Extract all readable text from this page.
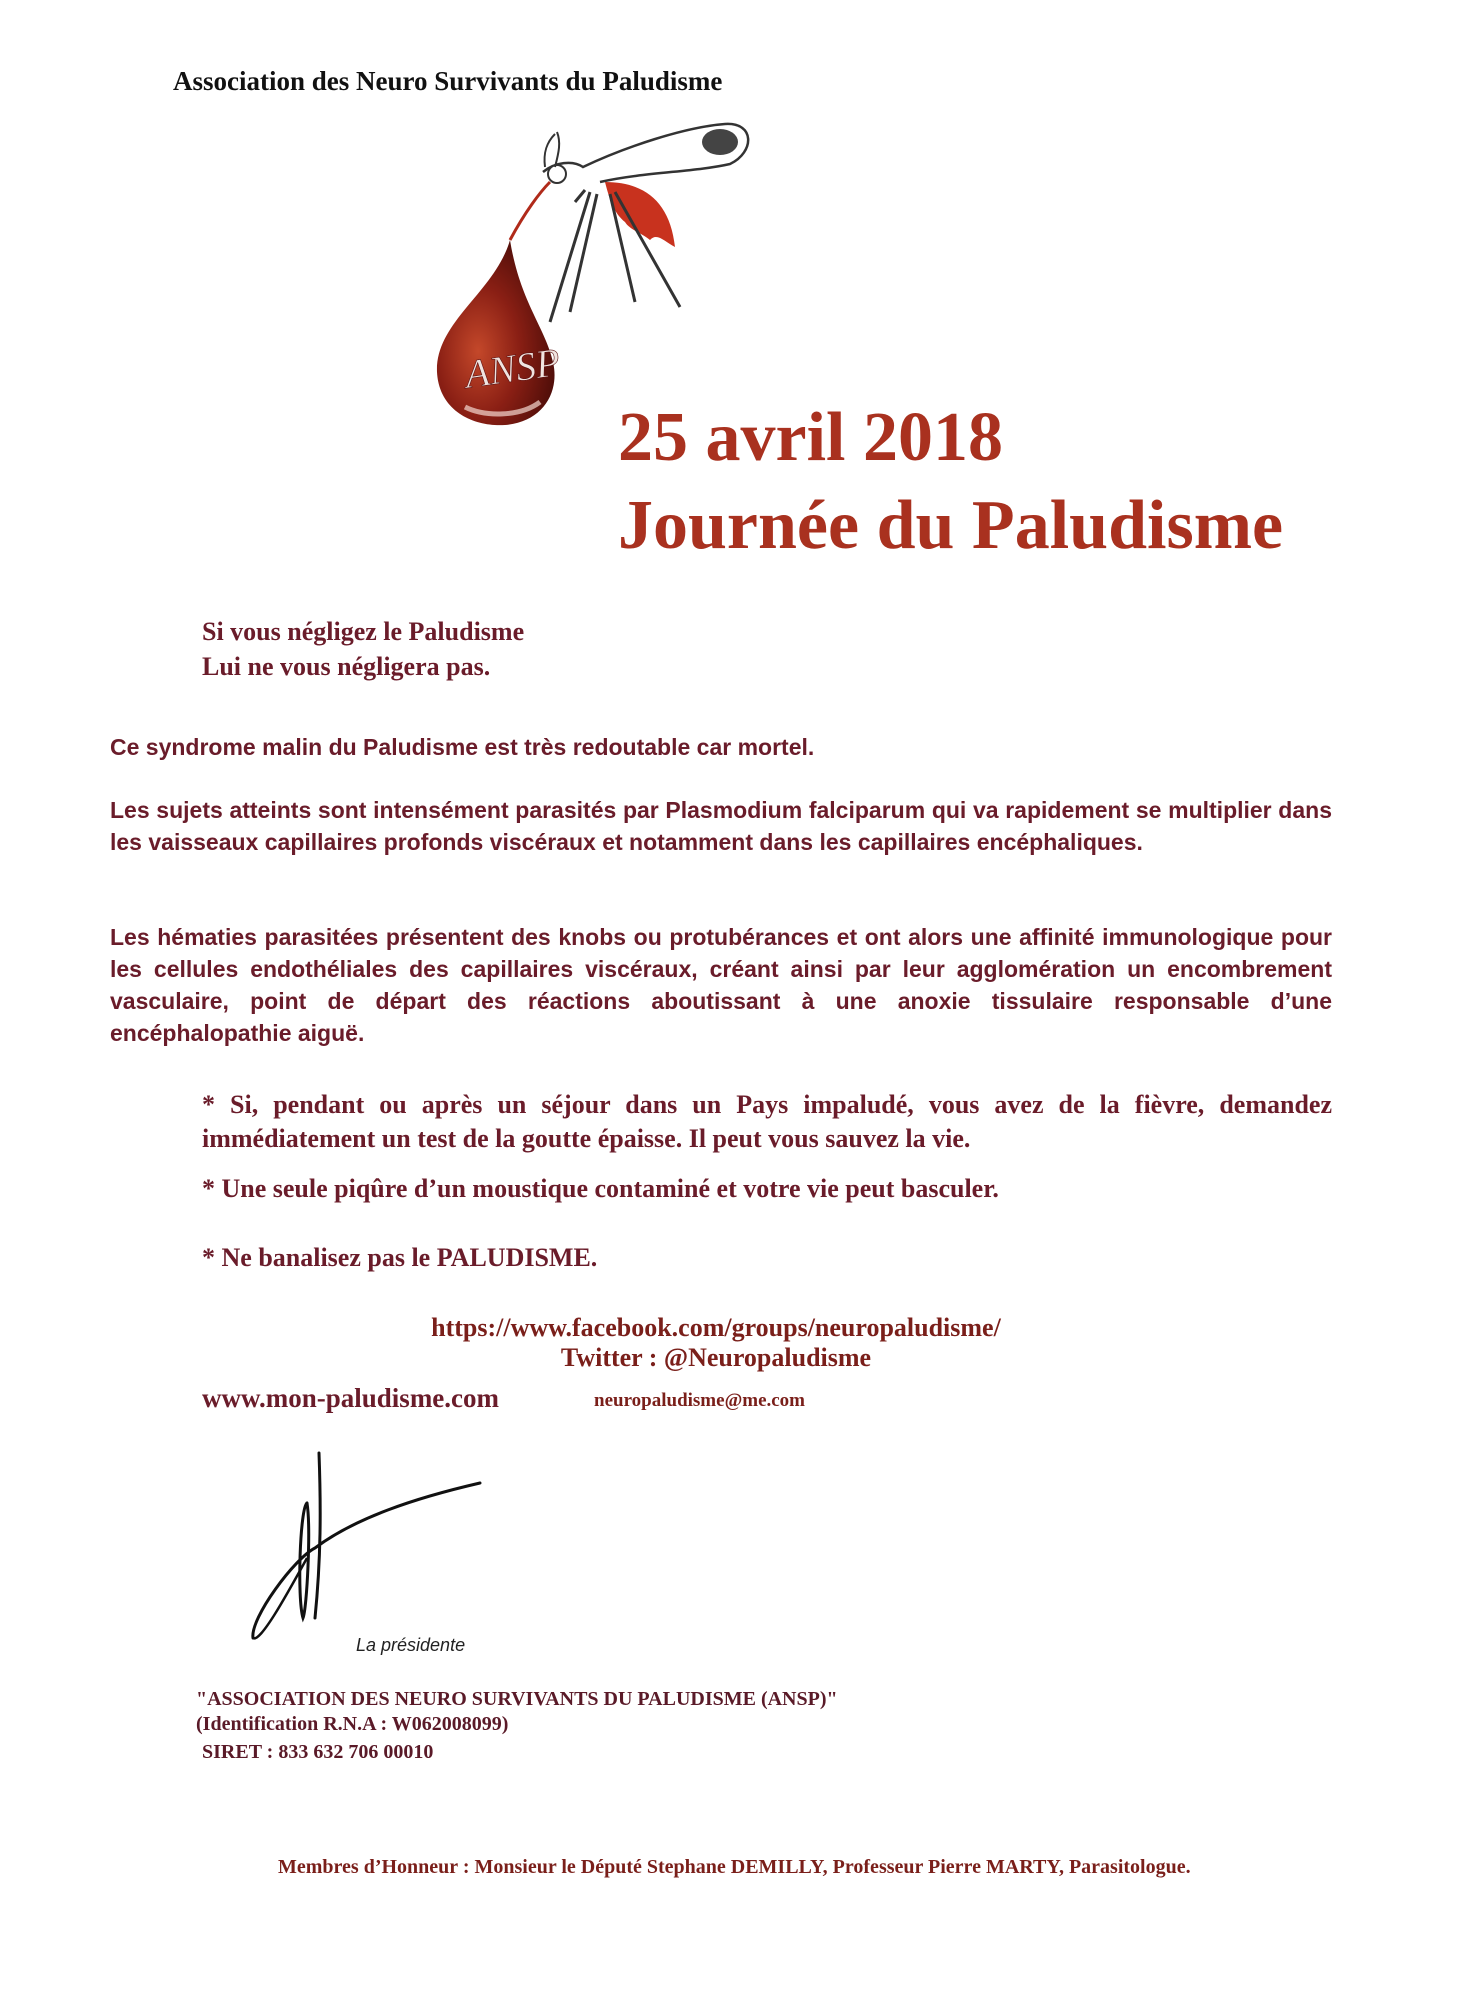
Association des Neuro Survivants du Paludisme

ANSP

25 avril 2018

Journée du Paludisme

Si vous négligez le Paludisme

Lui ne vous négligera pas.

Ce syndrome malin du Paludisme est très redoutable car mortel.

Les sujets atteints sont intensément parasités par Plasmodium falciparum qui va rapidement se multiplier dans les vaisseaux capillaires profonds viscéraux et notamment dans les capillaires encéphaliques.

Les hématies parasitées présentent des knobs ou protubérances et ont alors une affinité immunologique pour les cellules endothéliales des capillaires viscéraux, créant ainsi par leur agglomération un encombrement vasculaire, point de départ des réactions aboutissant à une anoxie tissulaire responsable d’une encéphalopathie aiguë.

* Si, pendant ou après un séjour dans un Pays impaludé, vous avez de la fièvre, demandez immédiatement un test de la goutte épaisse. Il peut vous sauvez la vie.

* Une seule piqûre d’un moustique contaminé et votre vie peut basculer.

* Ne banalisez pas le PALUDISME.

https://www.facebook.com/groups/neuropaludisme/

Twitter : @Neuropaludisme

www.mon-paludisme.com	neuropaludisme@me.com

La présidente

"ASSOCIATION DES NEURO SURVIVANTS DU PALUDISME (ANSP)"

(Identification R.N.A : W062008099)

SIRET : 833 632 706 00010

Membres d’Honneur : Monsieur le Député Stephane DEMILLY, Professeur Pierre MARTY, Parasitologue.
